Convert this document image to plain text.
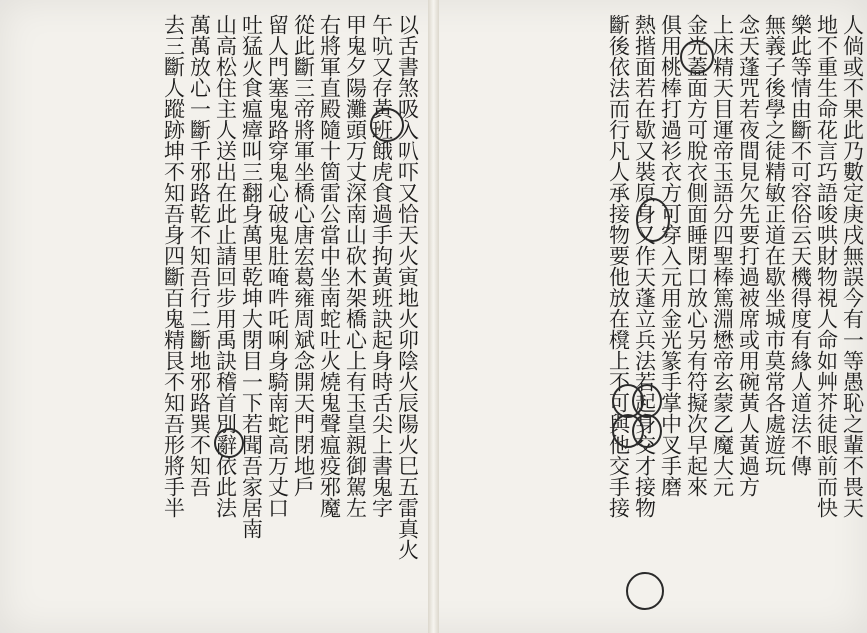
人倘或不果此乃數定庚戌無誤今有一等愚恥之輩不畏天
地不重生命花言巧語唆哄財物視人命如艸芥徒眼前而快
樂此等情由斷不可容俗云天機得度有緣人道法不傳
無義子後學之徒精敏正道在歇坐城市莫常各處遊玩
念天蓬咒若夜間見欠先要打過被席或用碗黃人黃過方
上床精天目運帝玉語分四聖棒篤淵懋帝玄蒙乙魔大元
金光蓋面方可脫衣側面睡閉口放心另有符擬次早起來
俱用桃棒打過衫衣方可穿入元用金光篆手掌中叉手磨
熱揩面若在歇又裝原身又作天蓬立兵法若起身交才接物
斷後依法而行凡人承接物要他放在櫈上不可與他交手接
以舌書煞吸入叭吓又恰天火寅地火卯陰火辰陽火巳五雷真火
午吭又存黃班餓虎食過手拘黃班訣起身時舌尖上書鬼字
甲鬼夕陽灘頭万丈深南山砍木架橋心上有玉皇親御駕左
右將軍直殿隨十箇雷公當中坐南蛇吐火燒鬼聲瘟疫邪魔
從此斷三帝將軍坐橋心唐宏葛雍周斌念開天門閉地戶
留人門塞鬼路穿鬼心破鬼肚唵吽吒唎身騎南蛇高万丈口
吐猛火食瘟瘴叫三翻身萬里乾坤大閉目一下若聞吾家居南
山高松住主人送出在此止請回步用禹訣稽首別辭依此法
萬萬放心一斷千邪路乾不知吾行二斷地邪路巽不知吾
去三斷人蹤跡坤不知吾身四斷百鬼精艮不知吾形將手半
